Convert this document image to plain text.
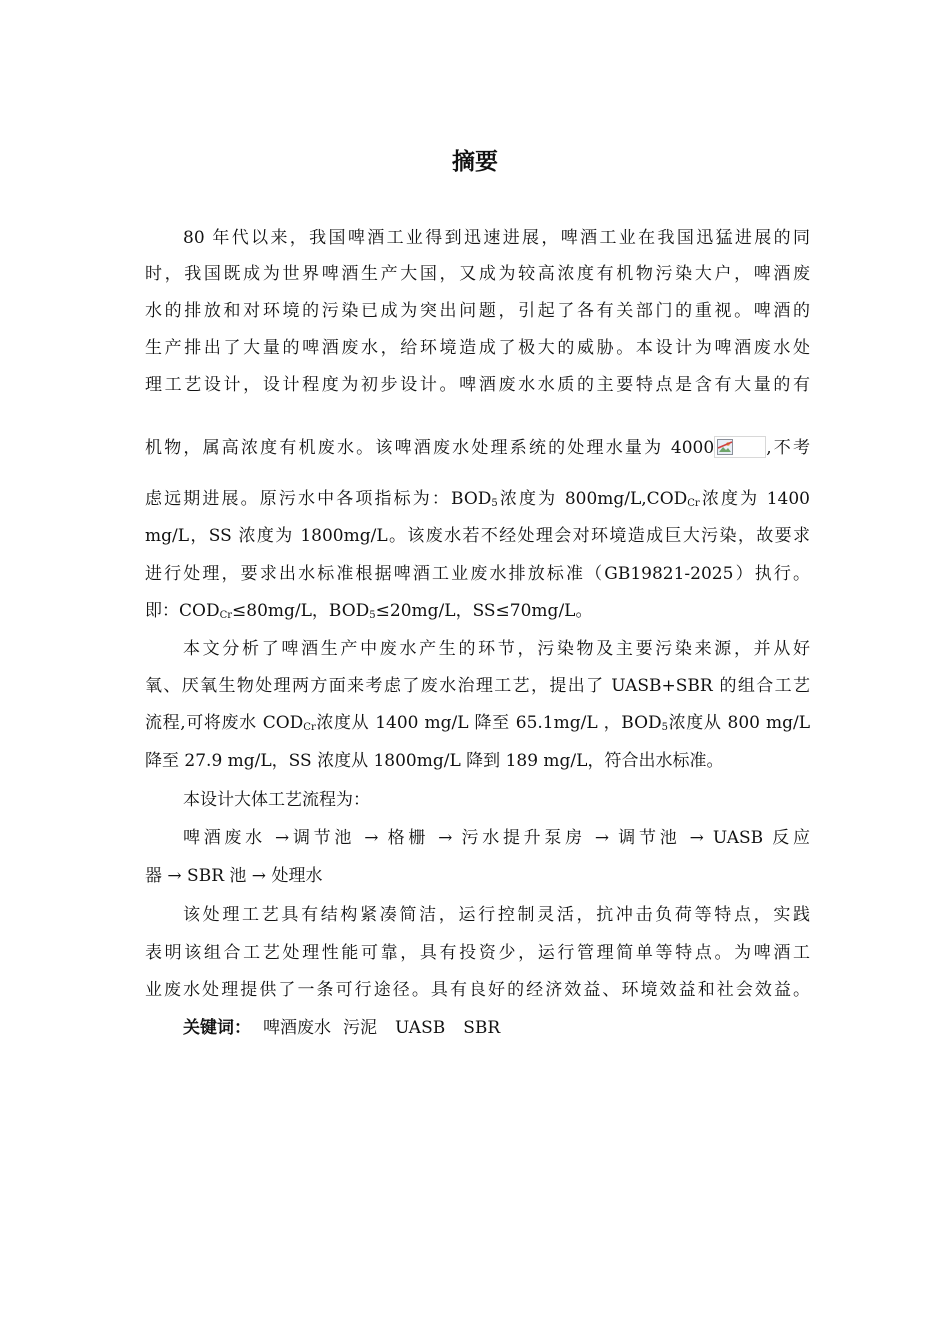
摘要

80 年代以来，我国啤酒工业得到迅速进展，啤酒工业在我国迅猛进展的同

时，我国既成为世界啤酒生产大国，又成为较高浓度有机物污染大户，啤酒废

水的排放和对环境的污染已成为突出问题，引起了各有关部门的重视。啤酒的

生产排出了大量的啤酒废水，给环境造成了极大的威胁。本设计为啤酒废水处

理工艺设计，设计程度为初步设计。啤酒废水水质的主要特点是含有大量的有

机物，属高浓度有机废水。该啤酒废水处理系统的处理水量为 4000	,不考

虑远期进展。原污水中各项指标为：$BOD_5$浓度为 $800mg/L,COD_{Cr}$浓度为 1400

mg/L，SS 浓度为 1800mg/L。该废水若不经处理会对环境造成巨大污染，故要求

进行处理，要求出水标准根据啤酒工业废水排放标准（GB19821-2025）执行。

即：$COD_{Cr}\le 80mg/L$，$BOD_5\le 20mg/L$，SS≤70mg/L。

本文分析了啤酒生产中废水产生的环节，污染物及主要污染来源，并从好

氧、厌氧生物处理两方面来考虑了废水治理工艺，提出了 UASB+SBR 的组合工艺

流程,可将废水 $COD_{Cr}$浓度从 1400 mg/L 降至 65.1mg/L ，$BOD_5$浓度从 800 mg/L

降至 27.9 mg/L，SS 浓度从 1800mg/L 降到 189 mg/L，符合出水标准。

本设计大体工艺流程为：

啤酒废水 →调节池 → 格栅 → 污水提升泵房 → 调节池 → UASB 反应

器 → SBR 池 → 处理水

该处理工艺具有结构紧凑简洁，运行控制灵活，抗冲击负荷等特点，实践

表明该组合工艺处理性能可靠，具有投资少，运行管理简单等特点。为啤酒工

业废水处理提供了一条可行途径。具有良好的经济效益、环境效益和社会效益。

关键词： 啤酒废水 污泥 UASB SBR
